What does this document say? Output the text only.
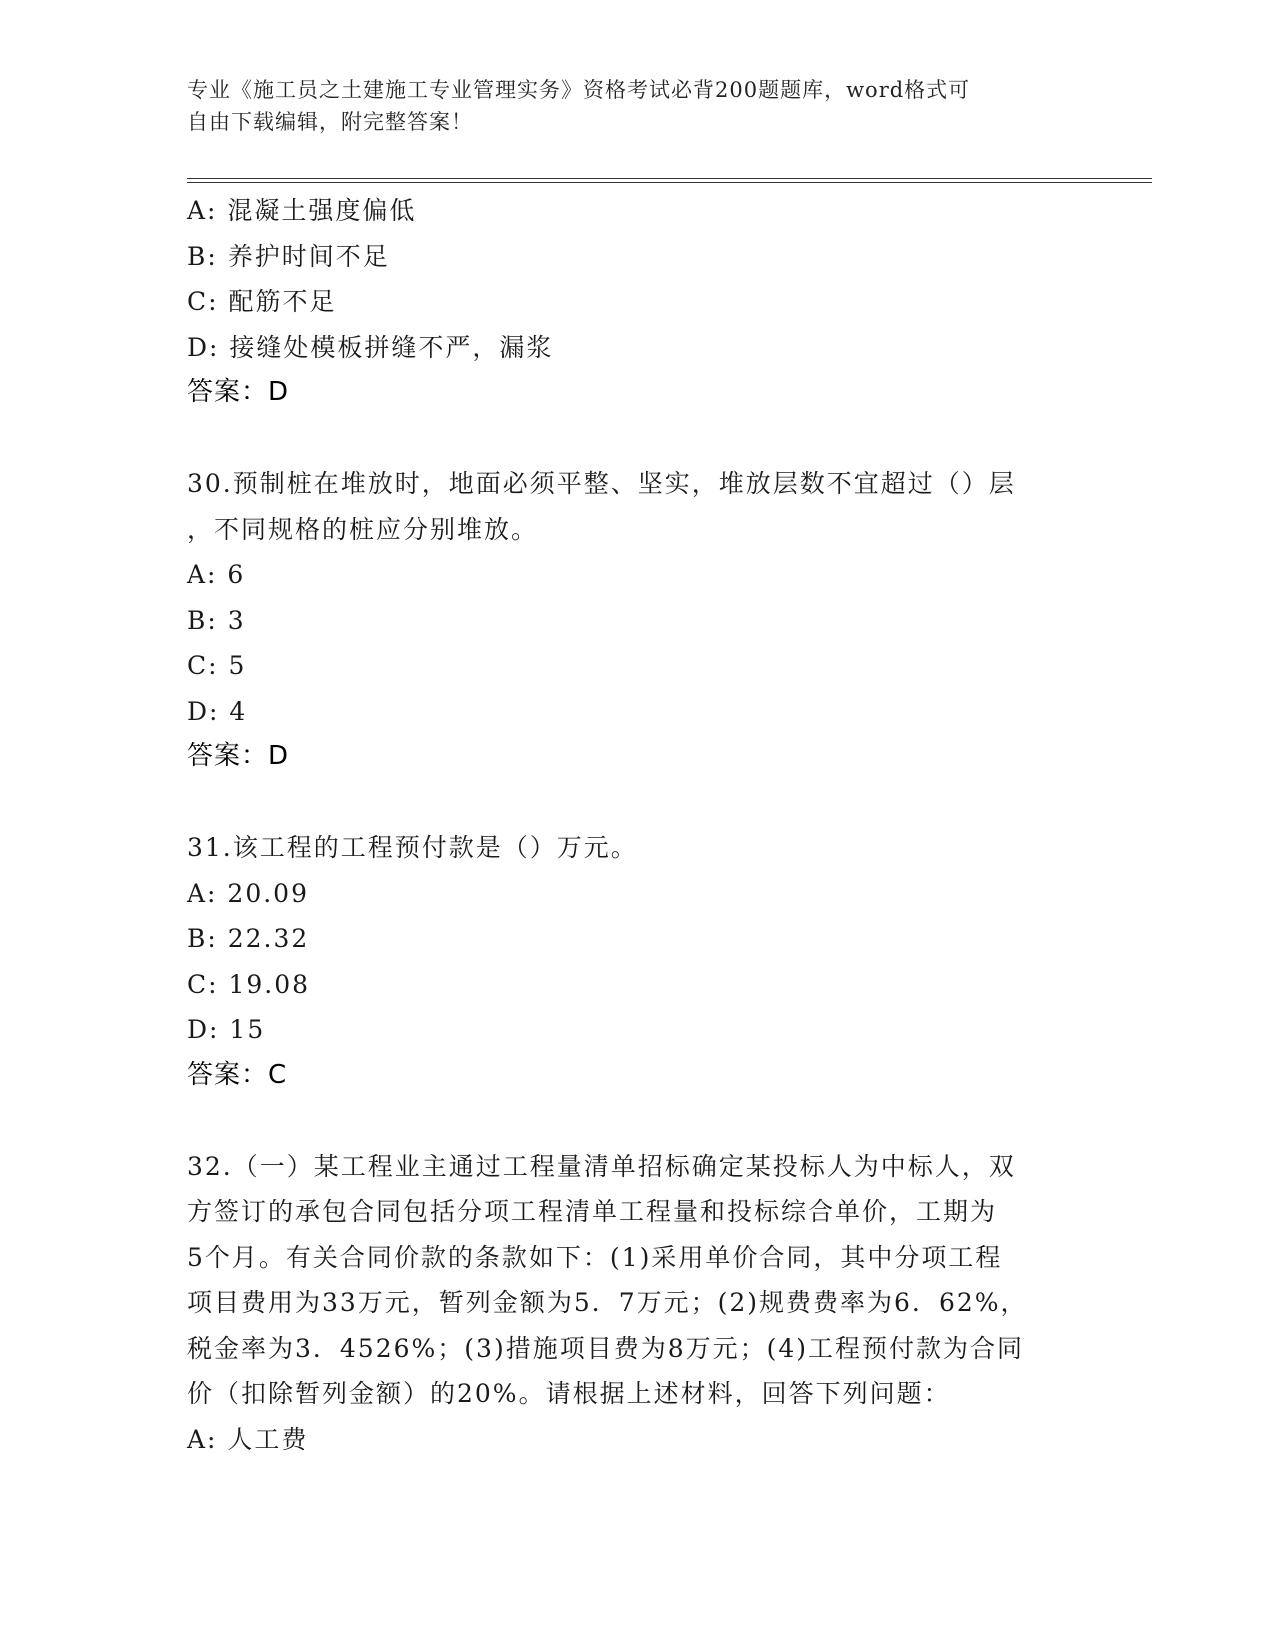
专业《施工员之土建施工专业管理实务》资格考试必背200题题库，word格式可
自由下载编辑，附完整答案！
A: 混凝土强度偏低
B: 养护时间不足
C: 配筋不足
D: 接缝处模板拼缝不严，漏浆
答案：D
30.预制桩在堆放时，地面必须平整、坚实，堆放层数不宜超过（）层
，不同规格的桩应分别堆放。
A: 6
B: 3
C: 5
D: 4
答案：D
31.该工程的工程预付款是（）万元。
A: 20.09
B: 22.32
C: 19.08
D: 15
答案：C
32.（一）某工程业主通过工程量清单招标确定某投标人为中标人，双
方签订的承包合同包括分项工程清单工程量和投标综合单价，工期为
5个月。有关合同价款的条款如下：(1)采用单价合同，其中分项工程
项目费用为33万元，暂列金额为5．7万元；(2)规费费率为6．62%，
税金率为3．4526%；(3)措施项目费为8万元；(4)工程预付款为合同
价（扣除暂列金额）的20%。请根据上述材料，回答下列问题：
A: 人工费
